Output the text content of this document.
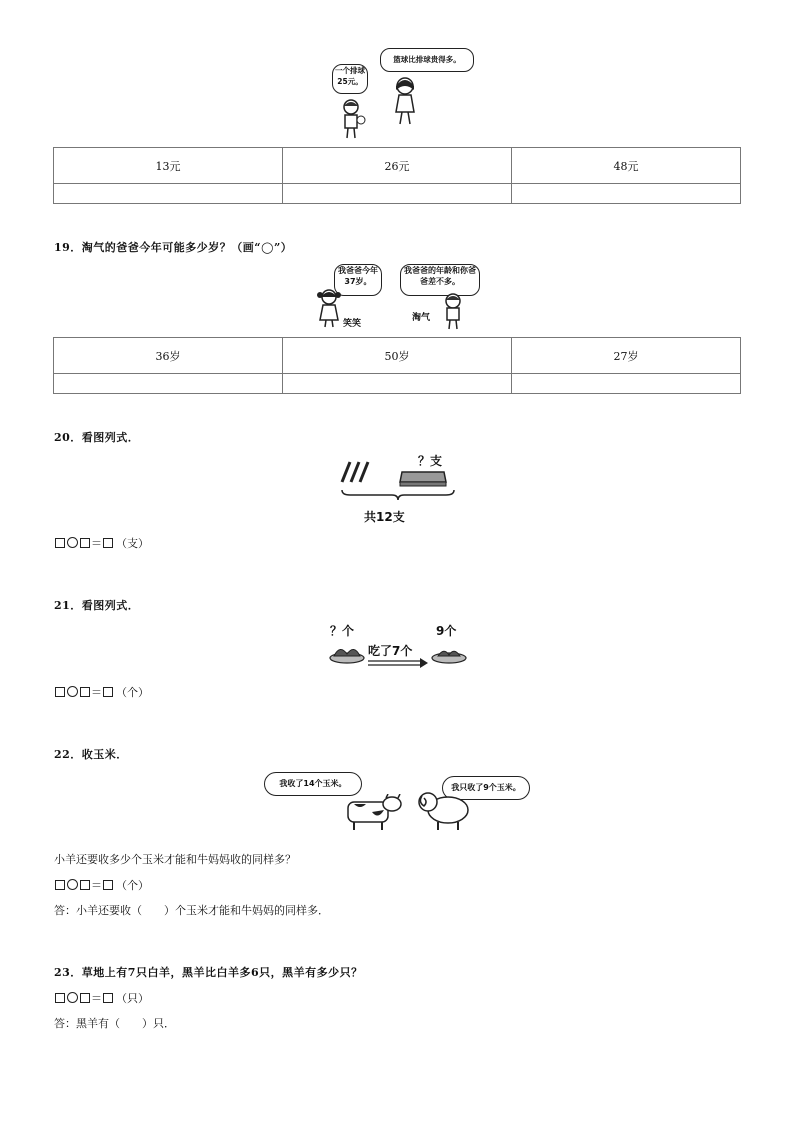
一个排球25元。
篮球比排球贵得多。
13元	26元	48元

19．淘气的爸爸今年可能多少岁？（画“◯”）
我爸爸今年37岁。
我爸爸的年龄和你爸爸差不多。
笑笑
淘气
36岁	50岁	27岁

20．看图列式．
？支
共12支
＝ （支）
21．看图列式．
？个	9个
吃了7个
＝ （个）
22．收玉米．
我收了14个玉米。	我只收了9个玉米。
小羊还要收多少个玉米才能和牛妈妈收的同样多？
＝ （个）
答：小羊还要收（　　）个玉米才能和牛妈妈的同样多．
23．草地上有7只白羊，黑羊比白羊多6只，黑羊有多少只？
＝ （只）
答：黑羊有（　　）只．
